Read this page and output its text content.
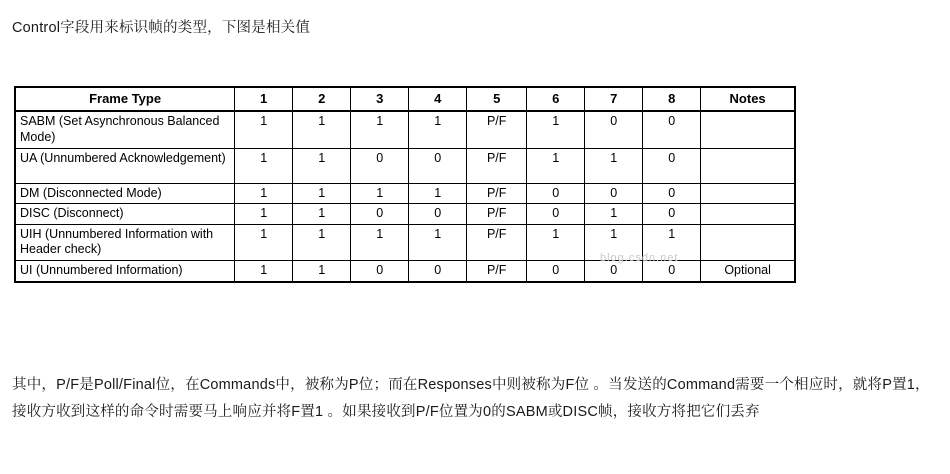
Control字段用来标识帧的类型，下图是相关值
Frame Type	1	2	3	4	5	6	7	8	Notes
SABM (Set Asynchronous Balanced Mode)	1	1	1	1	P/F	1	0	0	
UA (Unnumbered Acknowledgement)	1	1	0	0	P/F	1	1	0	
DM (Disconnected Mode)	1	1	1	1	P/F	0	0	0	
DISC (Disconnect)	1	1	0	0	P/F	0	1	0	
UIH (Unnumbered Information with Header check)	1	1	1	1	P/F	1	1	1	
UI (Unnumbered Information)	1	1	0	0	P/F	0	0	0	Optional
blog.csdn.net
其中，P/F是Poll/Final位，在Commands中，被称为P位；而在Responses中则被称为F位 。当发送的Command需要一个相应时，就将P置1，接收方收到这样的命令时需要马上响应并将F置1 。如果接收到P/F位置为0的SABM或DISC帧，接收方将把它们丢弃
